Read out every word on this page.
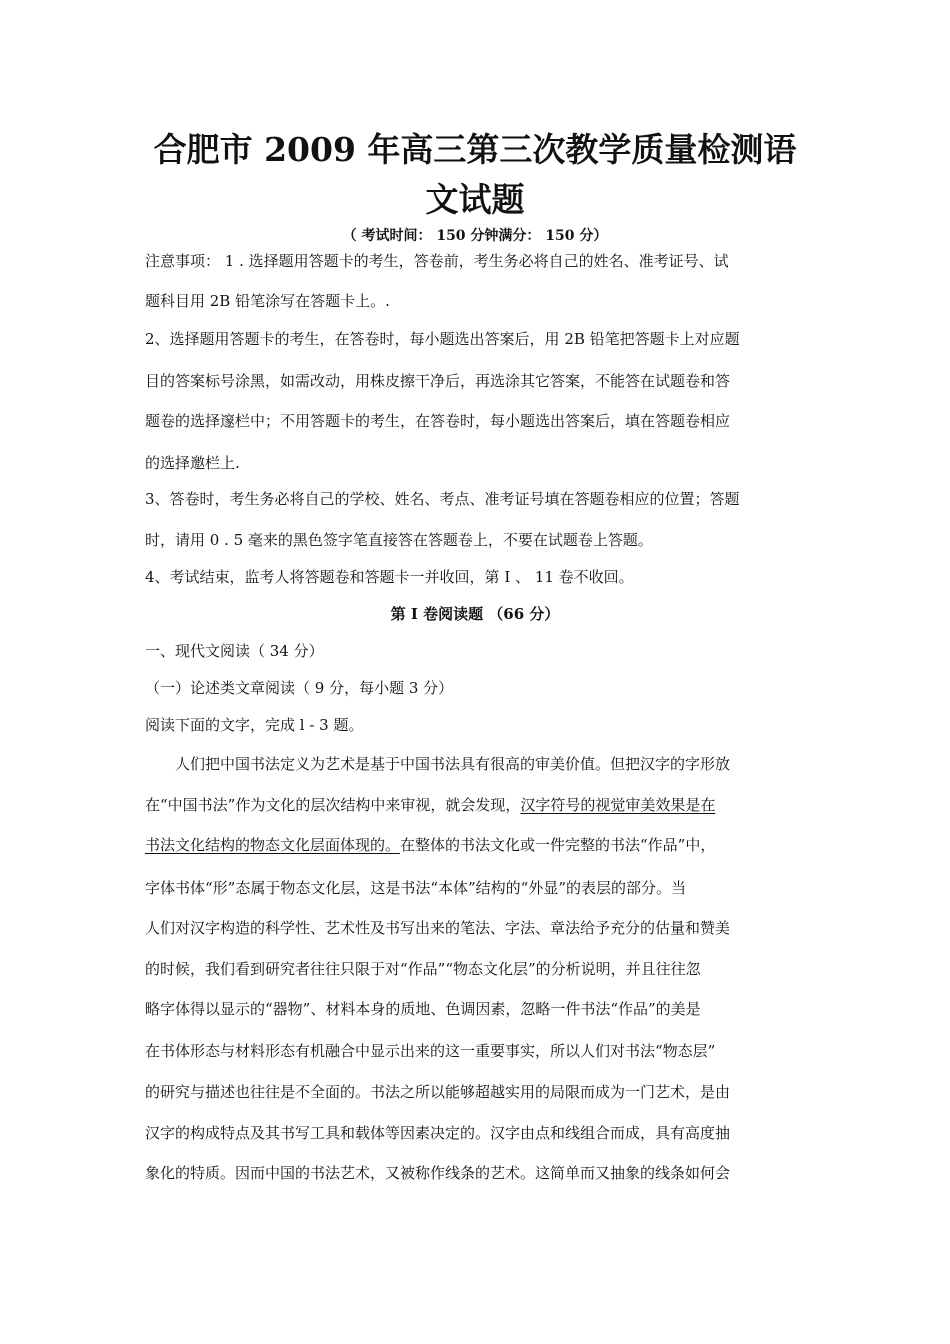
合肥市 2009 年高三第三次教学质量检测语
文试题
（ 考试时间： 150 分钟满分： 150 分）
注意事项： 1 . 选择题用答题卡的考生，答卷前，考生务必将自己的姓名、准考证号、试
题科目用 2B 铅笔涂写在答题卡上。.
2、选择题用答题卡的考生，在答卷时，每小题选出答案后，用 2B 铅笔把答题卡上对应题
目的答案标号涂黑，如需改动，用株皮擦干净后，再选涂其它答案，不能答在试题卷和答
题卷的选择邃栏中；不用答题卡的考生，在答卷时，每小题选出答案后，填在答题卷相应
的选择邀栏上.
3、答卷时，考生务必将自己的学校、姓名、考点、准考证号填在答题卷相应的位置；答题
时，请用 0 . 5 毫来的黑色签字笔直接答在答题卷上，不要在试题卷上答题。
4、考试结束，监考人将答题卷和答题卡一并收回，第 I 、 11 卷不收回。
第 I 卷阅读题 （66 分）
一、现代文阅读（ 34 分）
（一）论述类文章阅读（ 9 分，每小题 3 分）
阅读下面的文字，完成 l - 3 题。
人们把中国书法定义为艺术是基于中国书法具有很高的审美价值。但把汉字的字形放
在“中国书法”作为文化的层次结构中来审视，就会发现，汉字符号的视觉审美效果是在
书法文化结构的物态文化层面体现的。在整体的书法文化或一件完整的书法“作品”中，
字体书体“形”态属于物态文化层，这是书法“本体”结构的“外显”的表层的部分。当
人们对汉字构造的科学性、艺术性及书写出来的笔法、字法、章法给予充分的估量和赞美
的时候，我们看到研究者往往只限于对“作品”“物态文化层”的分析说明，并且往往忽
略字体得以显示的“器物”、材料本身的质地、色调因素，忽略一件书法“作品”的美是
在书体形态与材料形态有机融合中显示出来的这一重要事实，所以人们对书法“物态层”
的研究与描述也往往是不全面的。书法之所以能够超越实用的局限而成为一门艺术，是由
汉字的构成特点及其书写工具和载体等因素决定的。汉字由点和线组合而成，具有高度抽
象化的特质。因而中国的书法艺术，又被称作线条的艺术。这简单而又抽象的线条如何会
